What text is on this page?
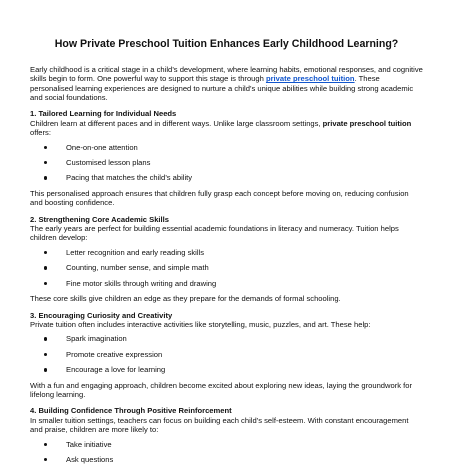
How Private Preschool Tuition Enhances Early Childhood Learning?

Early childhood is a critical stage in a child’s development, where learning habits, emotional responses, and cognitive skills begin to form. One powerful way to support this stage is through private preschool tuition. These personalised learning experiences are designed to nurture a child’s unique abilities while building strong academic and social foundations.

1. Tailored Learning for Individual Needs

Children learn at different paces and in different ways. Unlike large classroom settings, private preschool tuition offers:

One-on-one attention
Customised lesson plans
Pacing that matches the child’s ability

This personalised approach ensures that children fully grasp each concept before moving on, reducing confusion and boosting confidence.

2. Strengthening Core Academic Skills

The early years are perfect for building essential academic foundations in literacy and numeracy. Tuition helps children develop:

Letter recognition and early reading skills
Counting, number sense, and simple math
Fine motor skills through writing and drawing

These core skills give children an edge as they prepare for the demands of formal schooling.

3. Encouraging Curiosity and Creativity

Private tuition often includes interactive activities like storytelling, music, puzzles, and art. These help:

Spark imagination
Promote creative expression
Encourage a love for learning

With a fun and engaging approach, children become excited about exploring new ideas, laying the groundwork for lifelong learning.

4. Building Confidence Through Positive Reinforcement

In smaller tuition settings, teachers can focus on building each child’s self-esteem. With constant encouragement and praise, children are more likely to:

Take initiative
Ask questions
